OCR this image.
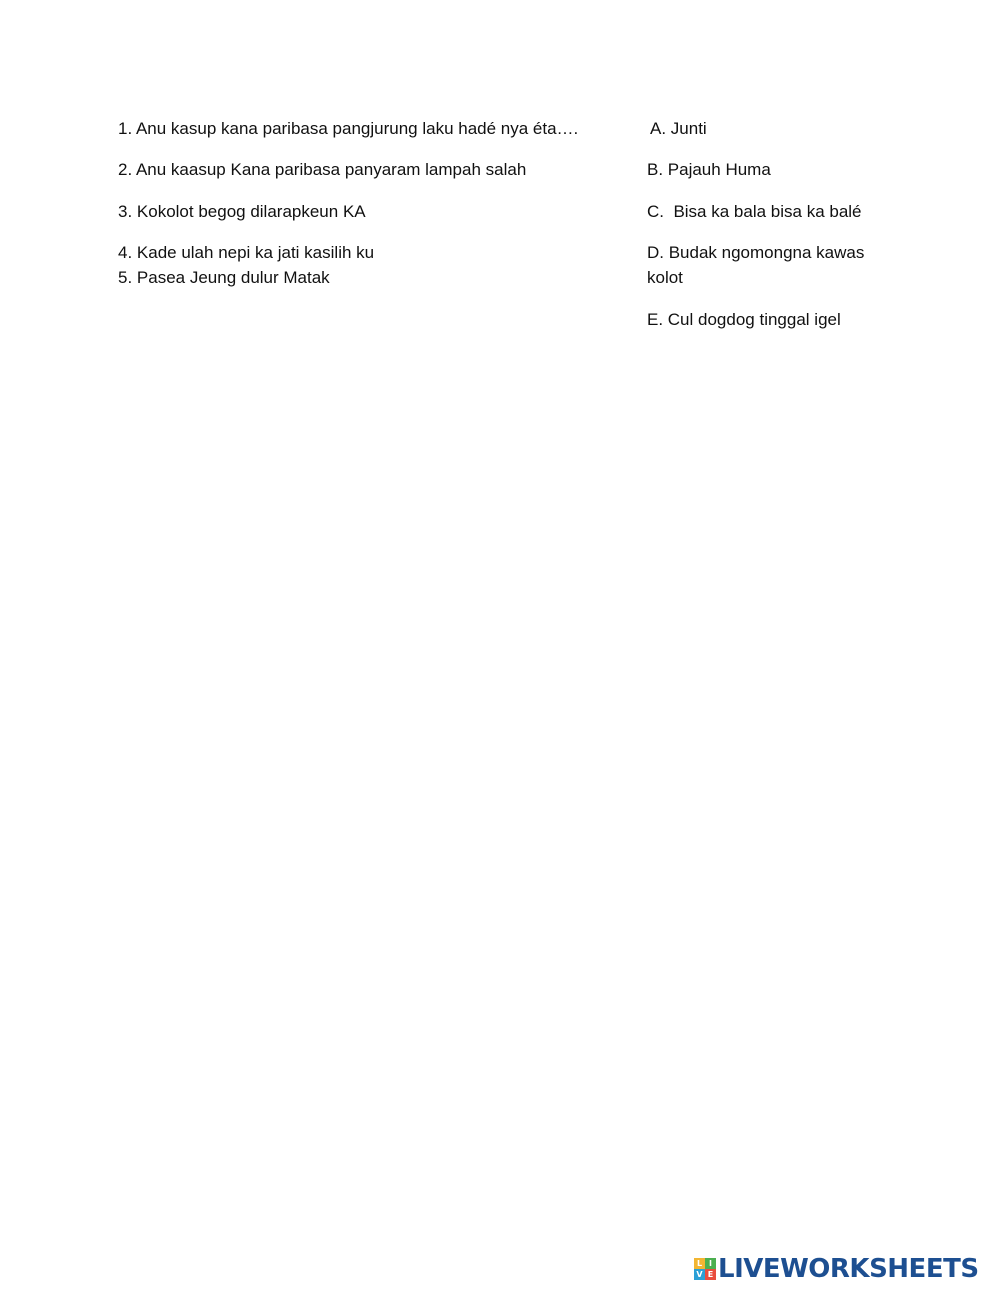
1. Anu kasup kana paribasa pangjurung laku hadé nya éta….
2. Anu kaasup Kana paribasa panyaram lampah salah
3. Kokolot begog dilarapkeun KA
4. Kade ulah nepi ka jati kasilih ku
5. Pasea Jeung dulur Matak
A. Junti
B. Pajauh Huma
C.  Bisa ka bala bisa ka balé
D. Budak ngomongna kawas kolot
E. Cul dogdog tinggal igel
L I
V E LIVEWORKSHEETS
